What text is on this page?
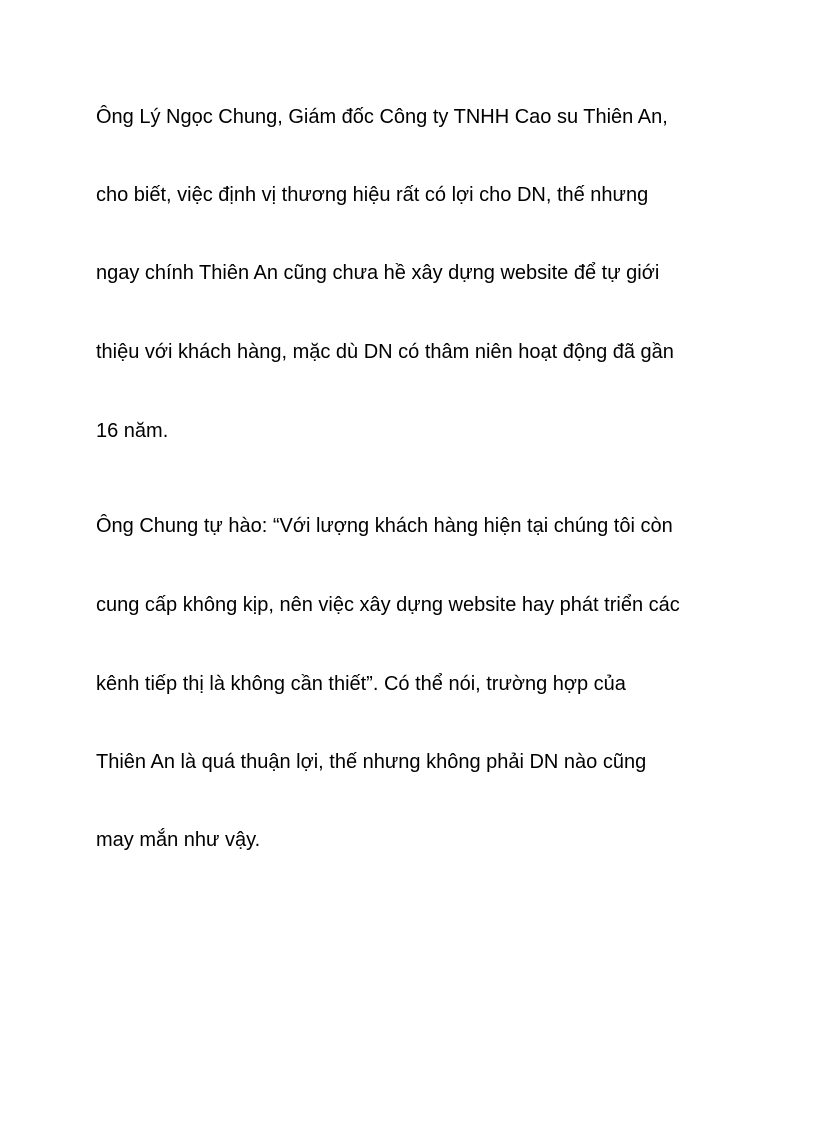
Ông Lý Ngọc Chung, Giám đốc Công ty TNHH Cao su Thiên An,
cho biết, việc định vị thương hiệu rất có lợi cho DN, thế nhưng
ngay chính Thiên An cũng chưa hề xây dựng website để tự giới
thiệu với khách hàng, mặc dù DN có thâm niên hoạt động đã gần
16 năm.
Ông Chung tự hào: “Với lượng khách hàng hiện tại chúng tôi còn
cung cấp không kịp, nên việc xây dựng website hay phát triển các
kênh tiếp thị là không cần thiết”. Có thể nói, trường hợp của
Thiên An là quá thuận lợi, thế nhưng không phải DN nào cũng
may mắn như vậy.
